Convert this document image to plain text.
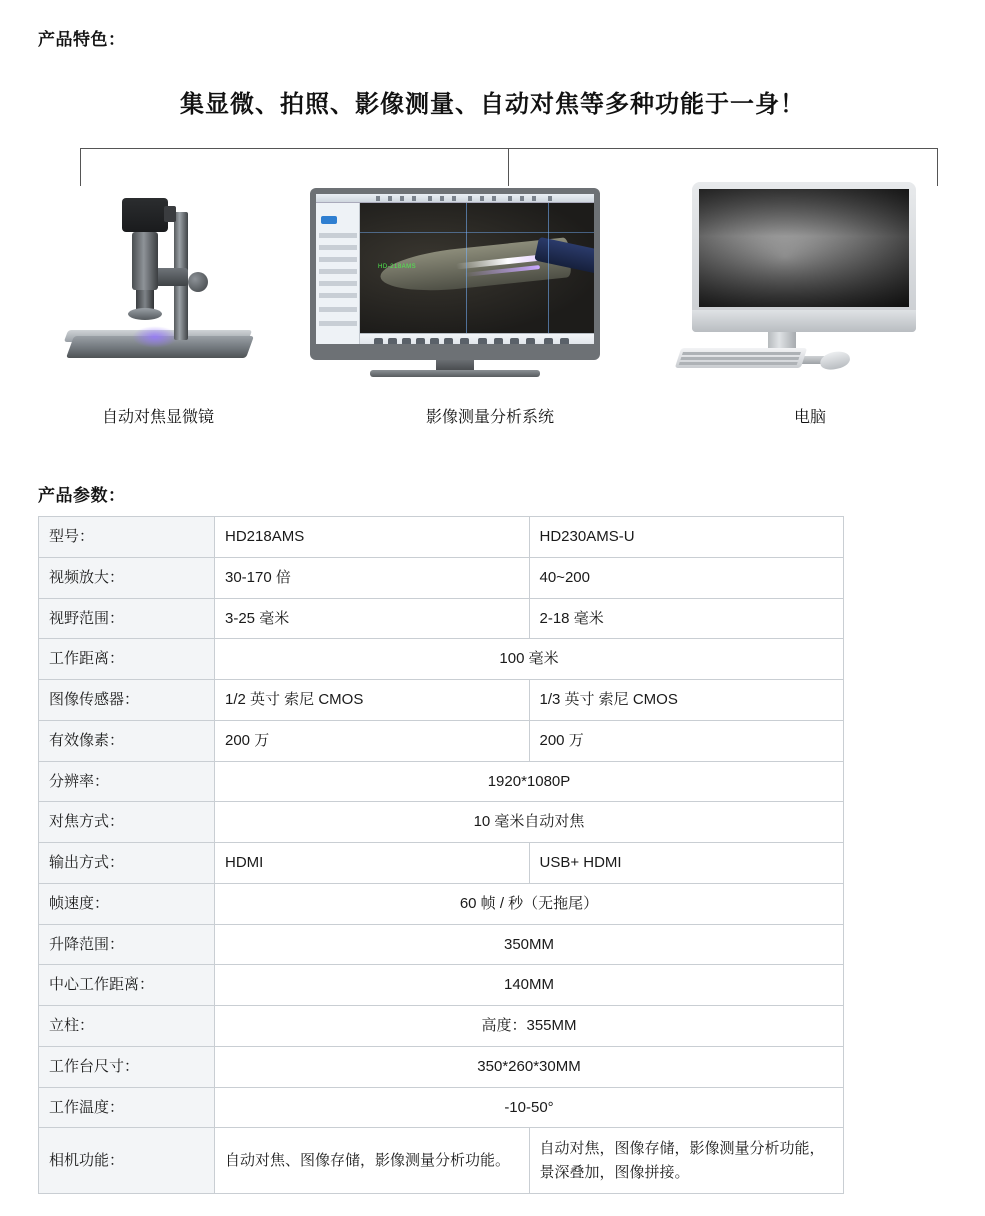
产品特色：
集显微、拍照、影像测量、自动对焦等多种功能于一身！
HD-218AMS
自动对焦显微镜	影像测量分析系统	电脑
产品参数：
型号：	HD218AMS	HD230AMS-U
视频放大：	30-170 倍	40~200
视野范围：	3-25 毫米	2-18 毫米
工作距离：	100 毫米	
图像传感器：	1/2 英寸 索尼 CMOS	1/3 英寸 索尼 CMOS
有效像素：	200 万	200 万
分辨率：	1920*1080P	
对焦方式：	10 毫米自动对焦	
输出方式：	HDMI	USB+ HDMI
帧速度：	60 帧 / 秒（无拖尾）	
升降范围：	350MM	
中心工作距离：	140MM	
立柱：	高度：355MM	
工作台尺寸：	350*260*30MM	
工作温度：	-10-50°	
相机功能：	自动对焦、图像存储，影像测量分析功能。	自动对焦，图像存储，影像测量分析功能，景深叠加，图像拼接。
